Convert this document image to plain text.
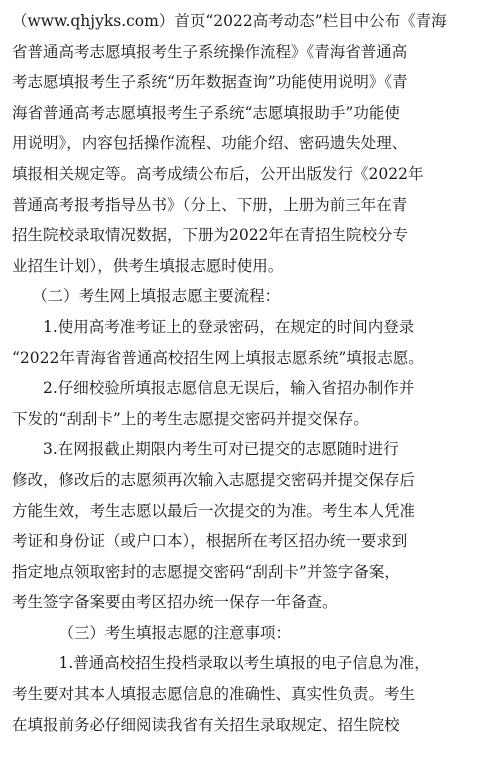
（www.qhjyks.com）首页“2022高考动态”栏目中公布《青海
省普通高考志愿填报考生子系统操作流程》《青海省普通高
考志愿填报考生子系统“历年数据查询”功能使用说明》《青
海省普通高考志愿填报考生子系统“志愿填报助手”功能使
用说明》，内容包括操作流程、功能介绍、密码遗失处理、
填报相关规定等。高考成绩公布后，公开出版发行《2022年
普通高考报考指导丛书》（分上、下册，上册为前三年在青
招生院校录取情况数据，下册为2022年在青招生院校分专
业招生计划），供考生填报志愿时使用。
（二）考生网上填报志愿主要流程：
1.使用高考准考证上的登录密码，在规定的时间内登录
“2022年青海省普通高校招生网上填报志愿系统”填报志愿。
2.仔细校验所填报志愿信息无误后，输入省招办制作并
下发的“刮刮卡”上的考生志愿提交密码并提交保存。
3.在网报截止期限内考生可对已提交的志愿随时进行
修改，修改后的志愿须再次输入志愿提交密码并提交保存后
方能生效，考生志愿以最后一次提交的为准。考生本人凭准
考证和身份证（或户口本），根据所在考区招办统一要求到
指定地点领取密封的志愿提交密码“刮刮卡”并签字备案，
考生签字备案要由考区招办统一保存一年备查。
（三）考生填报志愿的注意事项：
1.普通高校招生投档录取以考生填报的电子信息为准，
考生要对其本人填报志愿信息的准确性、真实性负责。考生
在填报前务必仔细阅读我省有关招生录取规定、招生院校
